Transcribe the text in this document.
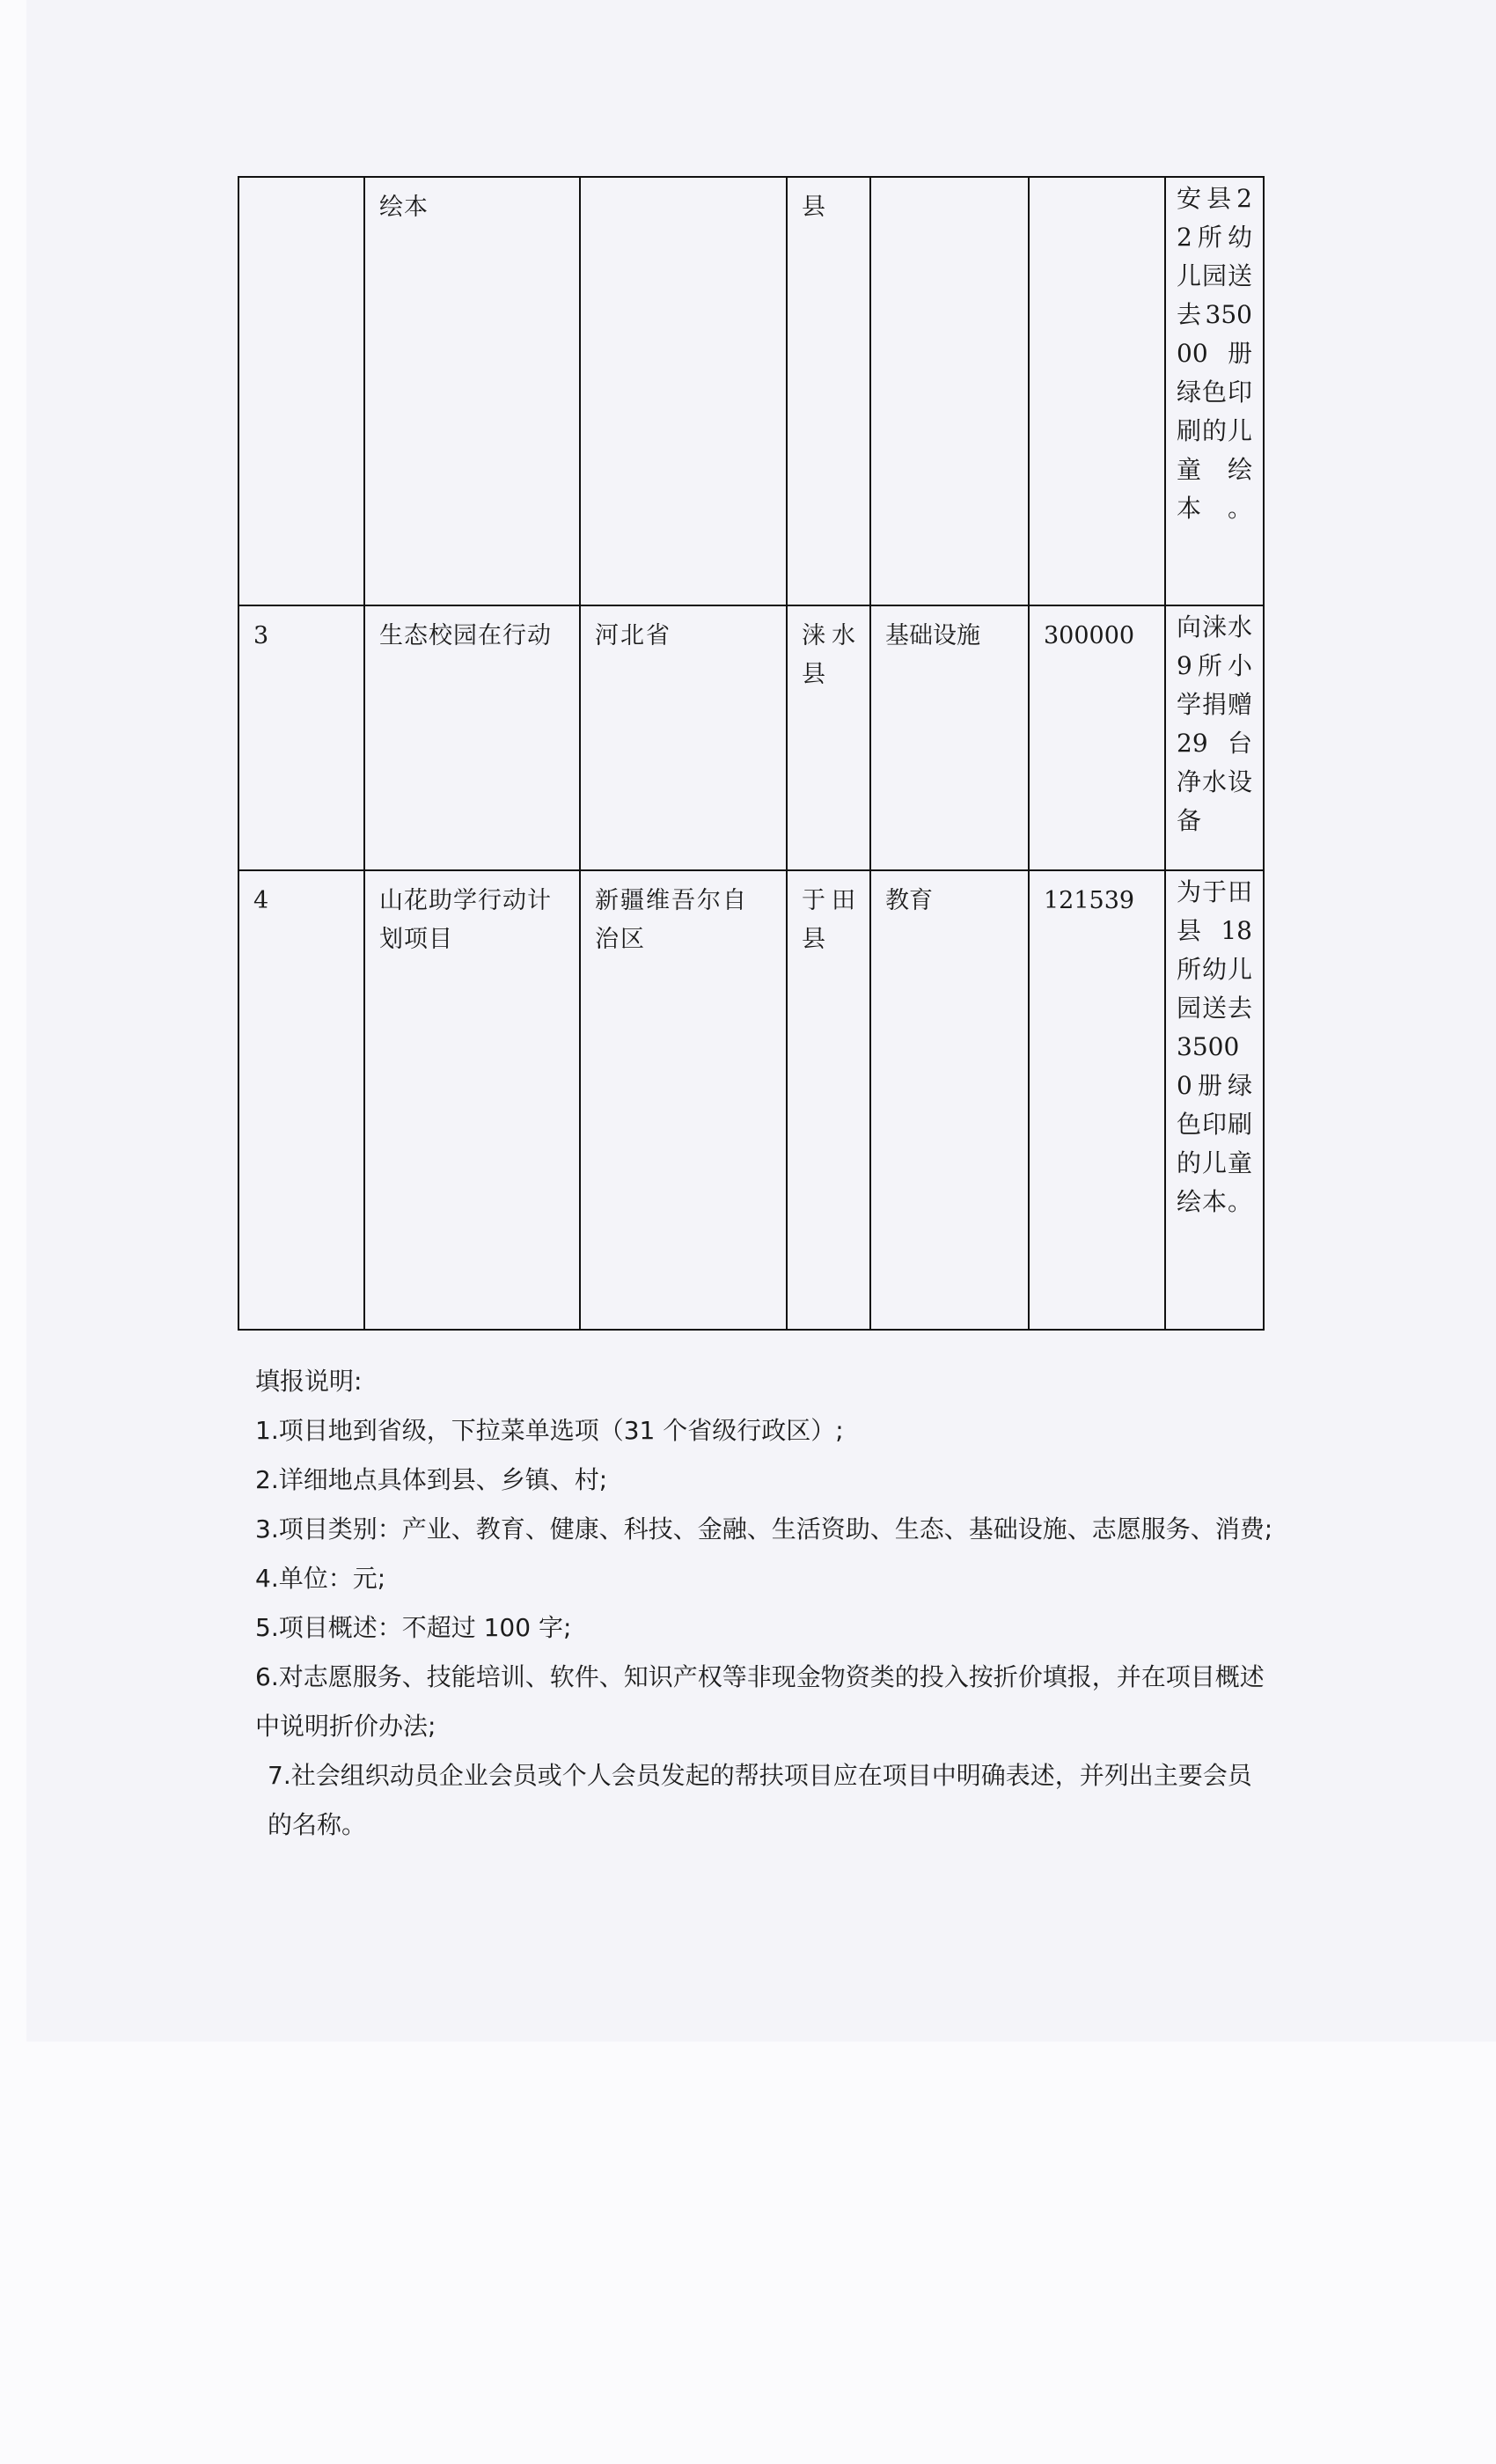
	绘本		县			安县22所幼儿园送去35000册绿色印刷的儿童绘本。
3	生态校园在行动	河北省	涞水县	基础设施	300000	向涞水9所小学捐赠29台净水设备
4	山花助学行动计划项目	新疆维吾尔自治区	于田县	教育	121539	为于田县18所幼儿园送去35000册绿色印刷的儿童绘本。

填报说明:

1.项目地到省级，下拉菜单选项（31 个省级行政区）;

2.详细地点具体到县、乡镇、村;

3.项目类别：产业、教育、健康、科技、金融、生活资助、生态、基础设施、志愿服务、消费;

4.单位：元;

5.项目概述：不超过 100 字;

6.对志愿服务、技能培训、软件、知识产权等非现金物资类的投入按折价填报，并在项目概述中说明折价办法;

7.社会组织动员企业会员或个人会员发起的帮扶项目应在项目中明确表述，并列出主要会员的名称。
